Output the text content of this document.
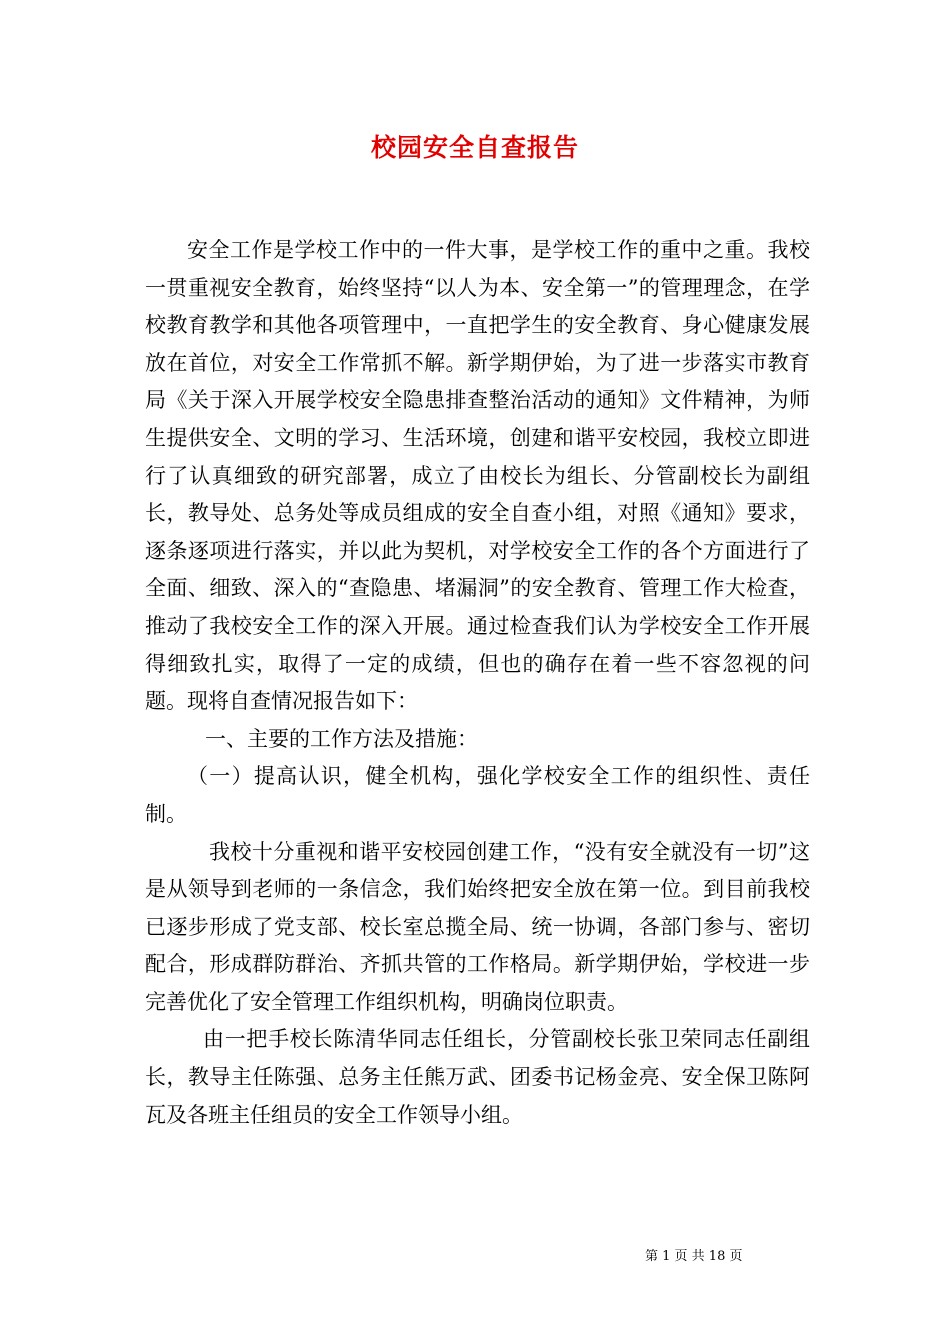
校园安全自查报告

安全工作是学校工作中的一件大事，是学校工作的重中之重。我校一贯重视安全教育，始终坚持“以人为本、安全第一”的管理理念，在学校教育教学和其他各项管理中，一直把学生的安全教育、身心健康发展放在首位，对安全工作常抓不解。新学期伊始，为了进一步落实市教育局《关于深入开展学校安全隐患排查整治活动的通知》文件精神，为师生提供安全、文明的学习、生活环境，创建和谐平安校园，我校立即进行了认真细致的研究部署，成立了由校长为组长、分管副校长为副组长，教导处、总务处等成员组成的安全自查小组，对照《通知》要求，逐条逐项进行落实，并以此为契机，对学校安全工作的各个方面进行了全面、细致、深入的“查隐患、堵漏洞”的安全教育、管理工作大检查，推动了我校安全工作的深入开展。通过检查我们认为学校安全工作开展得细致扎实，取得了一定的成绩，但也的确存在着一些不容忽视的问题。现将自查情况报告如下：

一、主要的工作方法及措施：

（一）提高认识，健全机构，强化学校安全工作的组织性、责任制。

我校十分重视和谐平安校园创建工作，“没有安全就没有一切”这是从领导到老师的一条信念，我们始终把安全放在第一位。到目前我校已逐步形成了党支部、校长室总揽全局、统一协调，各部门参与、密切配合，形成群防群治、齐抓共管的工作格局。新学期伊始，学校进一步完善优化了安全管理工作组织机构，明确岗位职责。

由一把手校长陈清华同志任组长，分管副校长张卫荣同志任副组长，教导主任陈强、总务主任熊万武、团委书记杨金亮、安全保卫陈阿瓦及各班主任组员的安全工作领导小组。

第 1 页 共 18 页
